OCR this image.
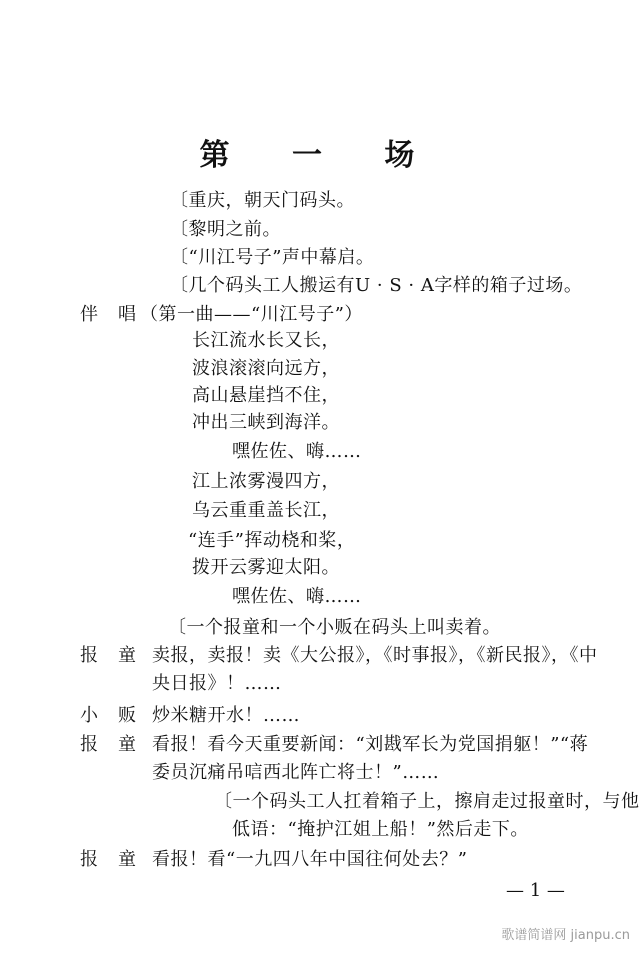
第 一 场
〔重庆，朝天门码头。
〔黎明之前。
〔“川江号子”声中幕启。
〔几个码头工人搬运有U · S · A字样的箱子过场。
伴唱
（第一曲——“川江号子”）
长江流水长又长，
波浪滚滚向远方，
高山悬崖挡不住，
冲出三峡到海洋。
嘿佐佐、嗨……
江上浓雾漫四方，
乌云重重盖长江，
“连手”挥动桡和桨，
拨开云雾迎太阳。
嘿佐佐、嗨……
〔一个报童和一个小贩在码头上叫卖着。
报童
卖报，卖报！卖《大公报》，《时事报》，《新民报》，《中
央日报》！……
小贩
炒米糖开水！……
报童
看报！看今天重要新闻：“刘戡军长为党国捐躯！”“蒋
委员沉痛吊唁西北阵亡将士！”……
〔一个码头工人扛着箱子上，擦肩走过报童时，与他
低语：“掩护江姐上船！”然后走下。
报童
看报！看“一九四八年中国往何处去？”
— 1 —
歌谱简谱网 jianpu.cn
